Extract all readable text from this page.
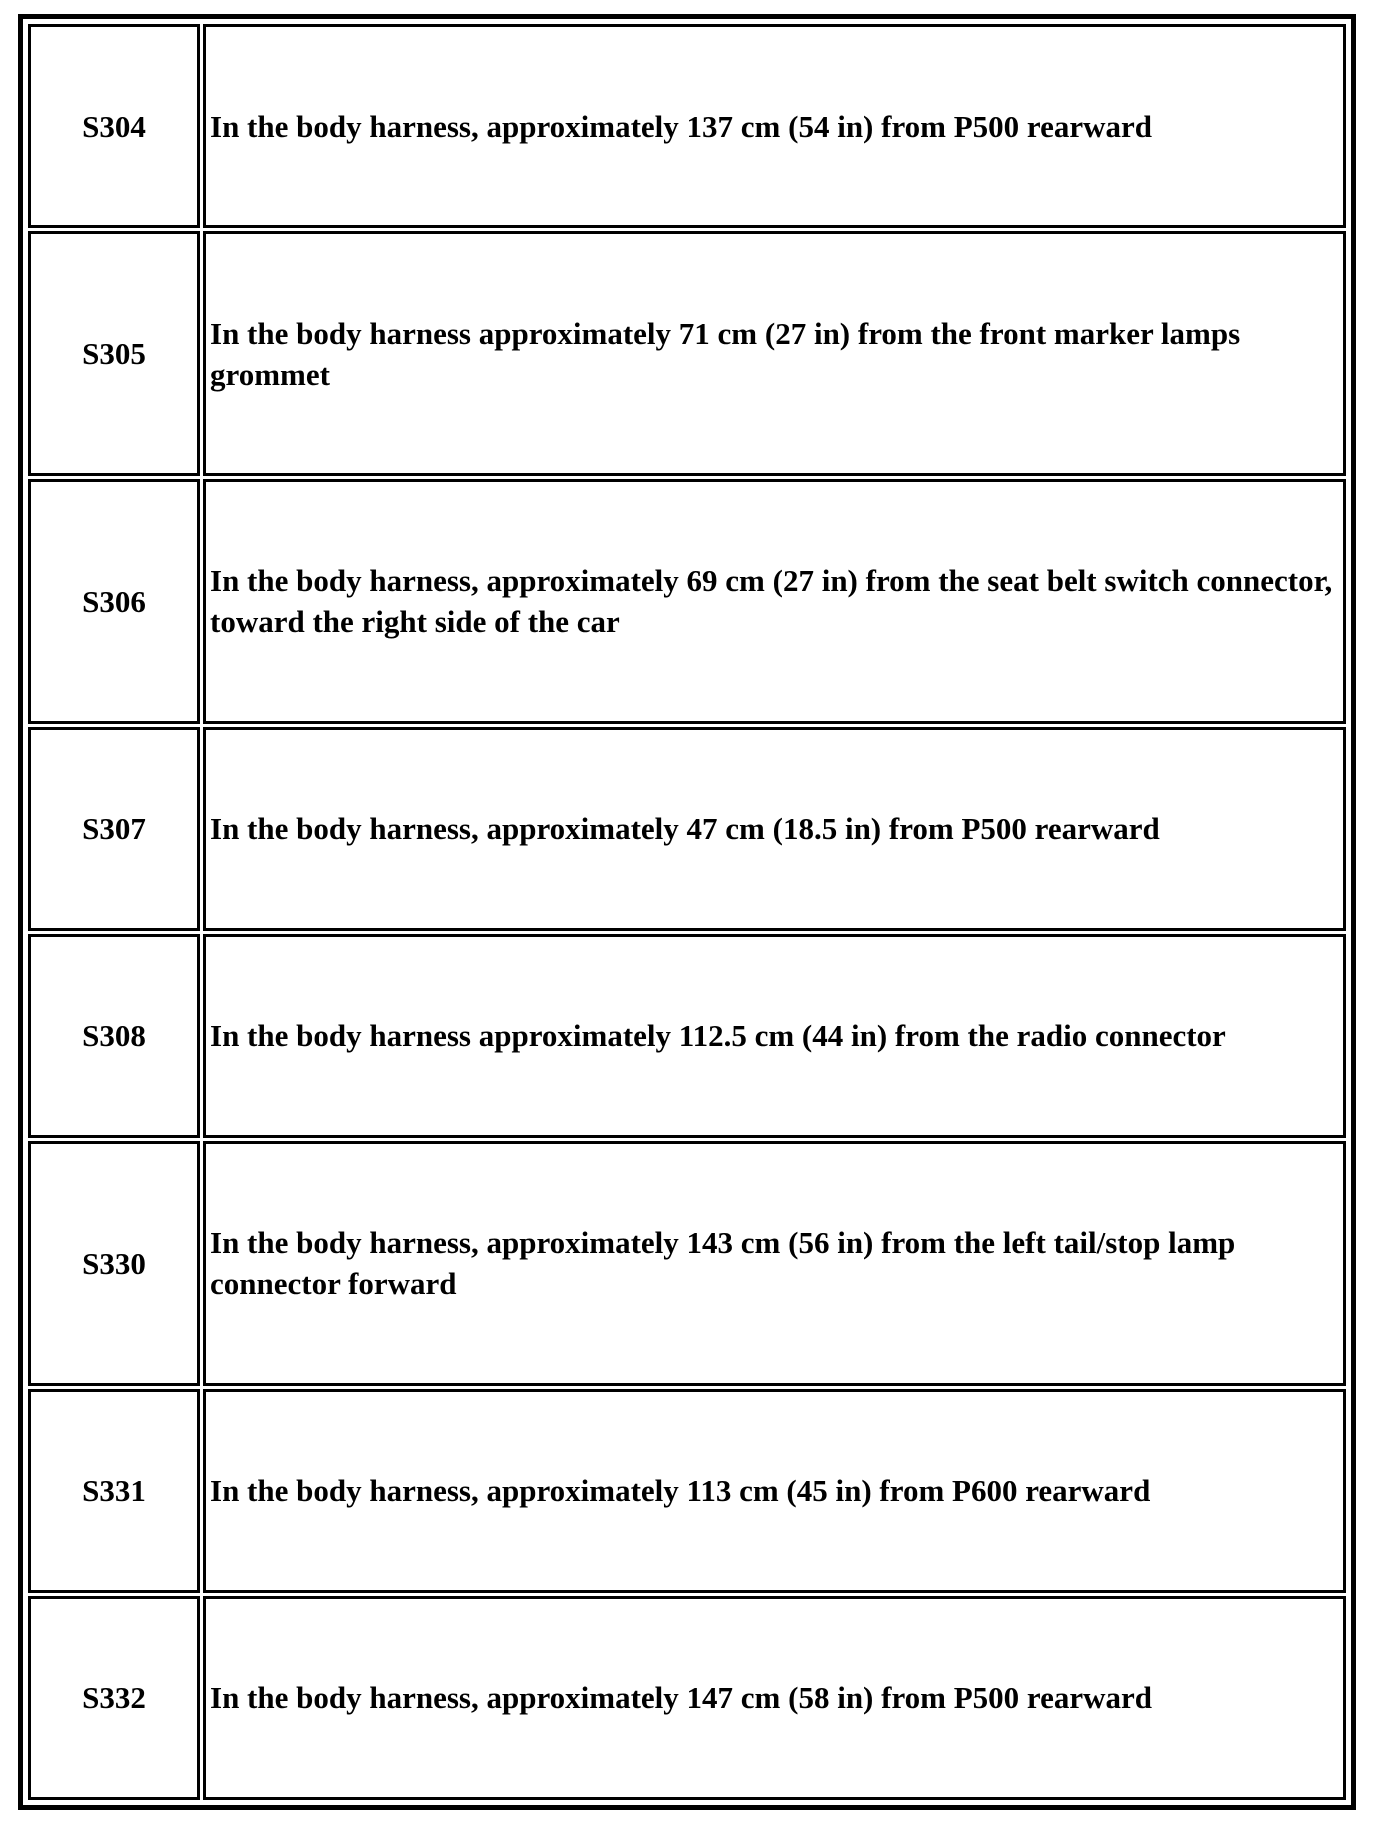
S304	In the body harness, approximately 137 cm (54 in) from P500 rearward
S305	In the body harness approximately 71 cm (27 in) from the front marker lamps grommet
S306	In the body harness, approximately 69 cm (27 in) from the seat belt switch connector, toward the right side of the car
S307	In the body harness, approximately 47 cm (18.5 in) from P500 rearward
S308	In the body harness approximately 112.5 cm (44 in) from the radio connector
S330	In the body harness, approximately 143 cm (56 in) from the left tail/stop lamp connector forward
S331	In the body harness, approximately 113 cm (45 in) from P600 rearward
S332	In the body harness, approximately 147 cm (58 in) from P500 rearward
